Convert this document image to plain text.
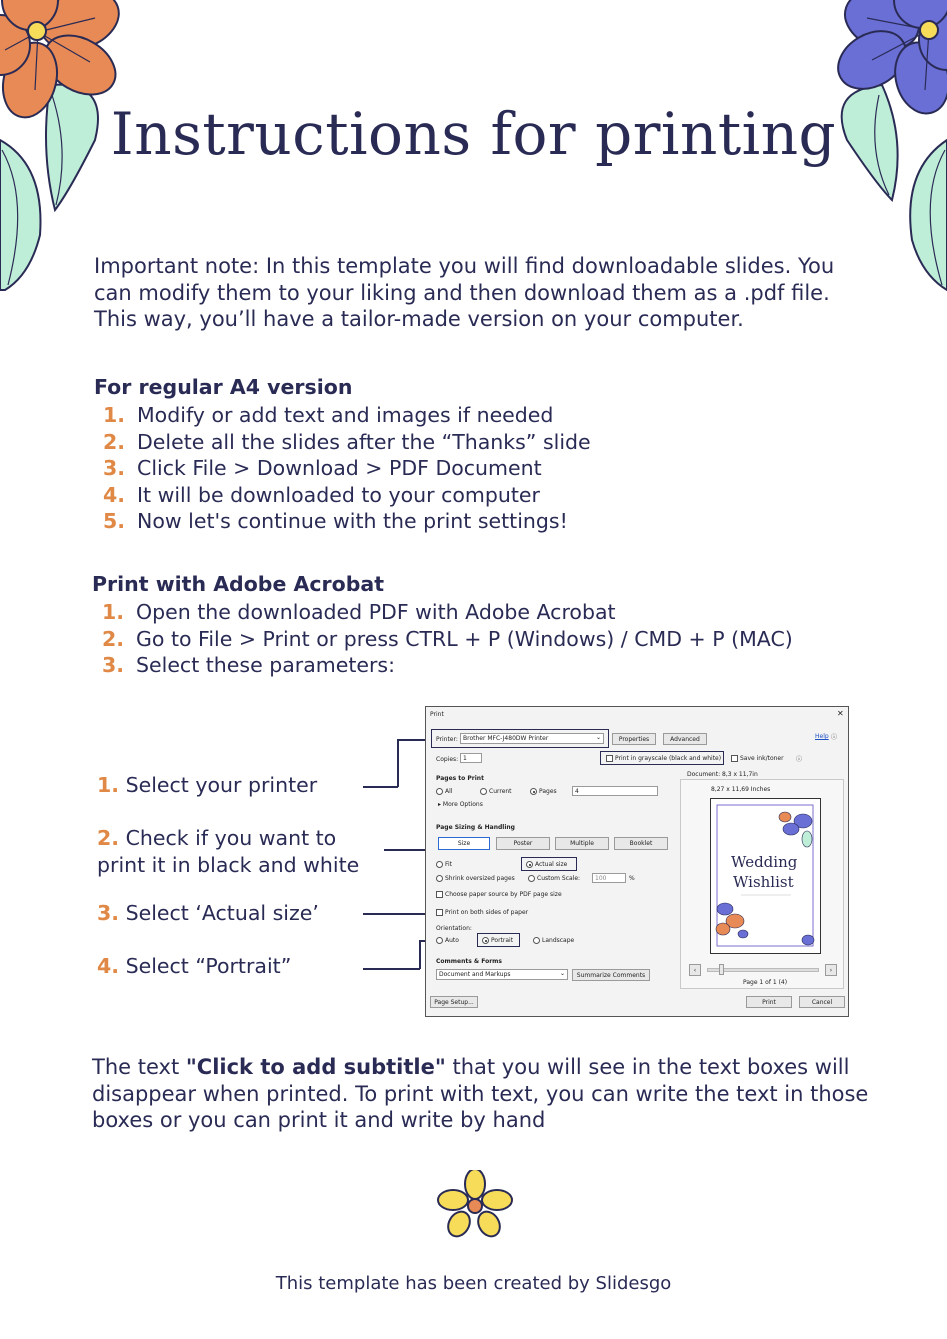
Instructions for printing
Important note: In this template you will find downloadable slides. You can modify them to your liking and then download them as a .pdf file. This way, you’ll have a tailor-made version on your computer.
For regular A4 version
1. Modify or add text and images if needed
2. Delete all the slides after the “Thanks” slide
3. Click File > Download > PDF Document
4. It will be downloaded to your computer
5. Now let's continue with the print settings!
Print with Adobe Acrobat
1. Open the downloaded PDF with Adobe Acrobat
2. Go to File > Print or press CTRL + P (Windows) / CMD + P (MAC)
3. Select these parameters:
1. Select your printer
2. Check if you want to
print it in black and white
3. Select ‘Actual size’
4. Select “Portrait”
Print	✕
Printer: Brother MFC-J480DW Printer	⌄	Properties	Advanced	Help ⓘ
Copies: 1	Print in grayscale (black and white)	Save ink/toner ⓘ
Pages to Print
All	Current	Pages	4
▸ More Options
Page Sizing & Handling
Size	Poster	Multiple	Booklet
Fit	Actual size
Shrink oversized pages	Custom Scale: 100	%
Choose paper source by PDF page size
Print on both sides of paper
Orientation:
Auto	Portrait	Landscape
Comments & Forms
Document and Markups	⌄	Summarize Comments
Page Setup...	Print	Cancel
Document: 8,3 x 11,7in
8,27 x 11,69 Inches
Wedding
Wishlist
‹	›
Page 1 of 1 (4)
The text "Click to add subtitle" that you will see in the text boxes will disappear when printed. To print with text, you can write the text in those boxes or you can print it and write by hand
This template has been created by Slidesgo
